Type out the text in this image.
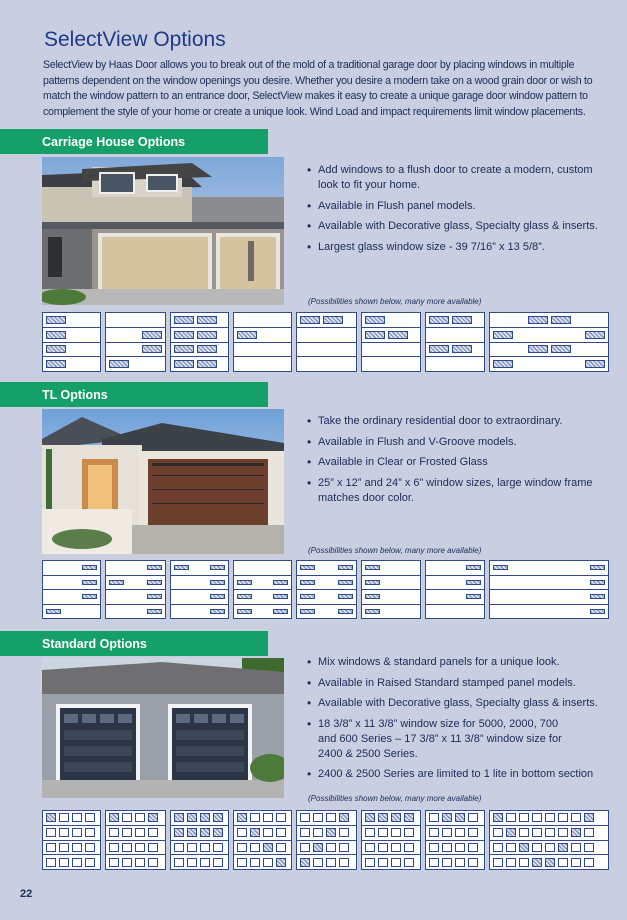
SelectView Options
SelectView by Haas Door allows you to break out of the mold of a traditional garage door by placing windows in multiple patterns dependent on the window openings you desire. Whether you desire a modern take on a wood grain door or wish to match the window pattern to an entrance door, SelectView makes it easy to create a unique garage door window pattern to complement the style of your home or create a unique look. Wind Load and impact requirements limit window placements.
Carriage House Options
• Add windows to a flush door to create a modern, custom look to fit your home.
• Available in Flush panel models.
• Available with Decorative glass, Specialty glass & inserts.
• Largest glass window size - 39 7/16” x 13 5/8”.
(Possibilities shown below, many more available)
TL Options
• Take the ordinary residential door to extraordinary.
• Available in Flush and V-Groove models.
• Available in Clear or Frosted Glass
• 25” x 12” and 24” x 6” window sizes, large window frame matches door color.
(Possibilities shown below, many more available)
Standard Options
• Mix windows & standard panels for a unique look.
• Available in Raised Standard stamped panel models.
• Available with Decorative glass, Specialty glass & inserts.
• 18 3/8” x 11 3/8” window size for 5000, 2000, 700 and 600 Series – 17 3/8” x 11 3/8” window size for 2400 & 2500 Series.
• 2400 & 2500 Series are limited to 1 lite in bottom section
(Possibilities shown below, many more available)
22
